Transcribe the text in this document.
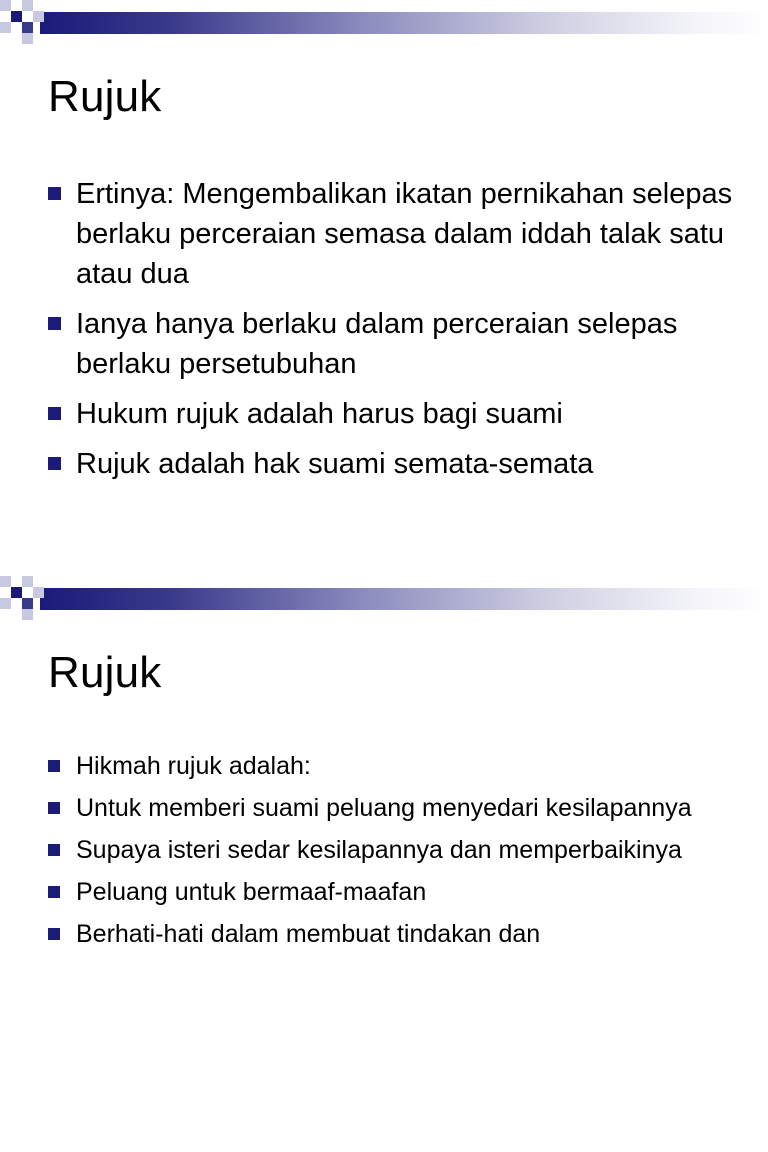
Rujuk
Ertinya: Mengembalikan ikatan pernikahan selepas berlaku perceraian semasa dalam iddah talak satu atau dua
Ianya hanya berlaku dalam perceraian selepas berlaku persetubuhan
Hukum rujuk adalah harus bagi suami
Rujuk adalah hak suami semata-semata
Rujuk
Hikmah rujuk adalah:
Untuk memberi suami peluang menyedari kesilapannya
Supaya isteri sedar kesilapannya dan memperbaikinya
Peluang untuk bermaaf-maafan
Berhati-hati dalam membuat tindakan dan
